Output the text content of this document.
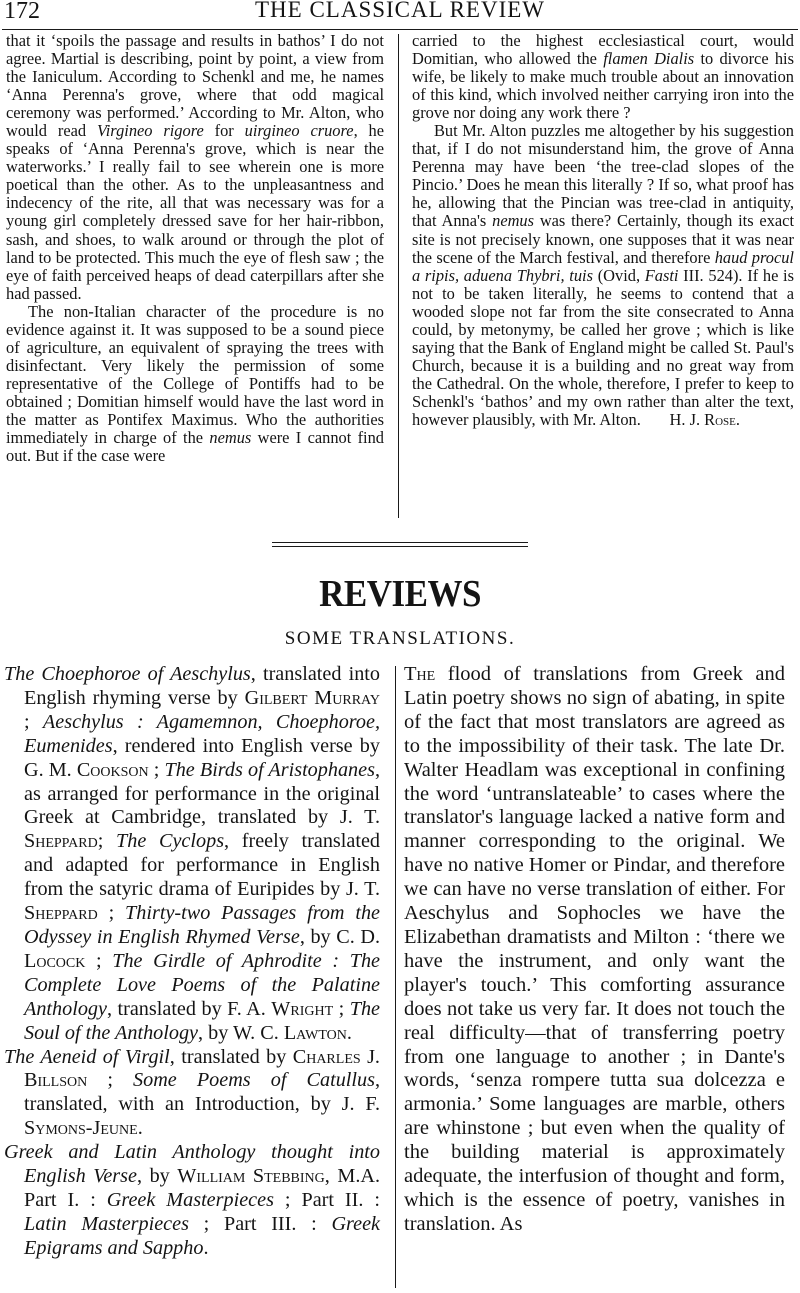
172	THE CLASSICAL REVIEW

that it ‘spoils the passage and results in bathos’ I do not agree. Martial is describing, point by point, a view from the Ianiculum. According to Schenkl and me, he names ‘Anna Perenna's grove, where that odd magical ceremony was performed.’ According to Mr. Alton, who would read Virgineo rigore for uirgineo cruore, he speaks of ‘Anna Perenna's grove, which is near the waterworks.’ I really fail to see wherein one is more poetical than the other. As to the unpleasantness and indecency of the rite, all that was necessary was for a young girl completely dressed save for her hair-ribbon, sash, and shoes, to walk around or through the plot of land to be protected. This much the eye of flesh saw ; the eye of faith perceived heaps of dead caterpillars after she had passed.

The non-Italian character of the procedure is no evidence against it. It was supposed to be a sound piece of agriculture, an equivalent of spraying the trees with disinfectant. Very likely the permission of some representative of the College of Pontiffs had to be obtained ; Domitian himself would have the last word in the matter as Pontifex Maximus. Who the authorities immediately in charge of the nemus were I cannot find out. But if the case were

carried to the highest ecclesiastical court, would Domitian, who allowed the flamen Dialis to divorce his wife, be likely to make much trouble about an innovation of this kind, which involved neither carrying iron into the grove nor doing any work there ?

But Mr. Alton puzzles me altogether by his suggestion that, if I do not misunderstand him, the grove of Anna Perenna may have been ‘the tree-clad slopes of the Pincio.’ Does he mean this literally ? If so, what proof has he, allowing that the Pincian was tree-clad in antiquity, that Anna's nemus was there? Certainly, though its exact site is not precisely known, one supposes that it was near the scene of the March festival, and therefore haud procul a ripis, aduena Thybri, tuis (Ovid, Fasti III. 524). If he is not to be taken literally, he seems to contend that a wooded slope not far from the site consecrated to Anna could, by metonymy, be called her grove ; which is like saying that the Bank of England might be called St. Paul's Church, because it is a building and no great way from the Cathedral. On the whole, therefore, I prefer to keep to Schenkl's ‘bathos’ and my own rather than alter the text, however plausibly, with Mr. Alton. H. J. Rose.

REVIEWS
SOME TRANSLATIONS.

The Choephoroe of Aeschylus, translated into English rhyming verse by Gilbert Murray ; Aeschylus : Agamemnon, Choephoroe, Eumenides, rendered into English verse by G. M. Cookson ; The Birds of Aristophanes, as arranged for performance in the original Greek at Cambridge, translated by J. T. Sheppard; The Cyclops, freely translated and adapted for performance in English from the satyric drama of Euripides by J. T. Sheppard ; Thirty-two Passages from the Odyssey in English Rhymed Verse, by C. D. Locock ; The Girdle of Aphrodite : The Complete Love Poems of the Palatine Anthology, translated by F. A. Wright ; The Soul of the Anthology, by W. C. Lawton.

The Aeneid of Virgil, translated by Charles J. Billson ; Some Poems of Catullus, translated, with an Introduction, by J. F. Symons-Jeune.

Greek and Latin Anthology thought into English Verse, by William Stebbing, M.A. Part I. : Greek Masterpieces ; Part II. : Latin Masterpieces ; Part III. : Greek Epigrams and Sappho.

The flood of translations from Greek and Latin poetry shows no sign of abating, in spite of the fact that most translators are agreed as to the impossibility of their task. The late Dr. Walter Headlam was exceptional in confining the word ‘untranslateable’ to cases where the translator's language lacked a native form and manner corresponding to the original. We have no native Homer or Pindar, and therefore we can have no verse translation of either. For Aeschylus and Sophocles we have the Elizabethan dramatists and Milton : ‘there we have the instrument, and only want the player's touch.’ This comforting assurance does not take us very far. It does not touch the real difficulty—that of transferring poetry from one language to another ; in Dante's words, ‘senza rompere tutta sua dolcezza e armonia.’ Some languages are marble, others are whinstone ; but even when the quality of the building material is approximately adequate, the interfusion of thought and form, which is the essence of poetry, vanishes in translation. As
